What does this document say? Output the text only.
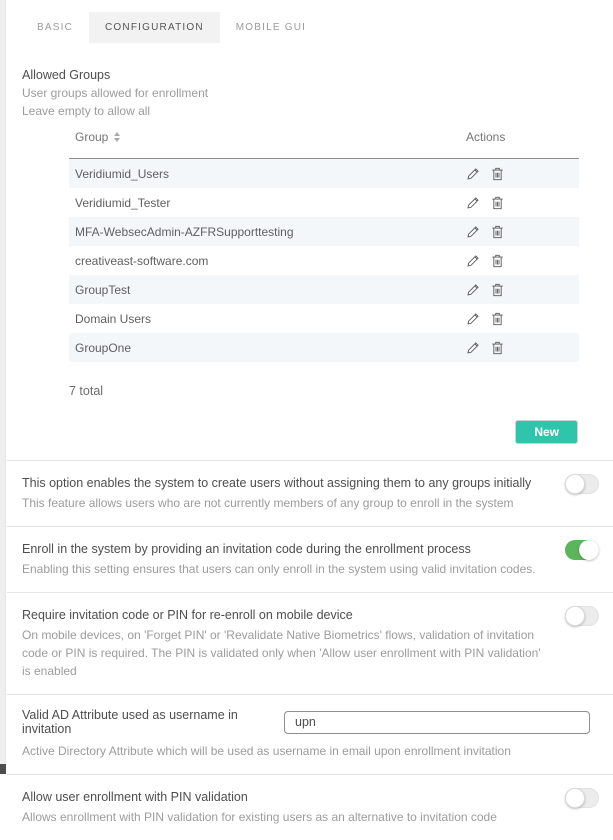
BASIC	CONFIGURATION	MOBILE GUI
Allowed Groups
User groups allowed for enrollment
Leave empty to allow all
Group	Actions
Veridiumid_Users
Veridiumid_Tester
MFA-WebsecAdmin-AZFRSupporttesting
creativeast-software.com
GroupTest
Domain Users
GroupOne
7 total
New
This option enables the system to create users without assigning them to any groups initially
This feature allows users who are not currently members of any group to enroll in the system
Enroll in the system by providing an invitation code during the enrollment process
Enabling this setting ensures that users can only enroll in the system using valid invitation codes.
Require invitation code or PIN for re-enroll on mobile device
On mobile devices, on 'Forget PIN' or 'Revalidate Native Biometrics' flows, validation of invitation code or PIN is required. The PIN is validated only when 'Allow user enrollment with PIN validation' is enabled
Valid AD Attribute used as username in invitation
upn
Active Directory Attribute which will be used as username in email upon enrollment invitation
Allow user enrollment with PIN validation
Allows enrollment with PIN validation for existing users as an alternative to invitation code
